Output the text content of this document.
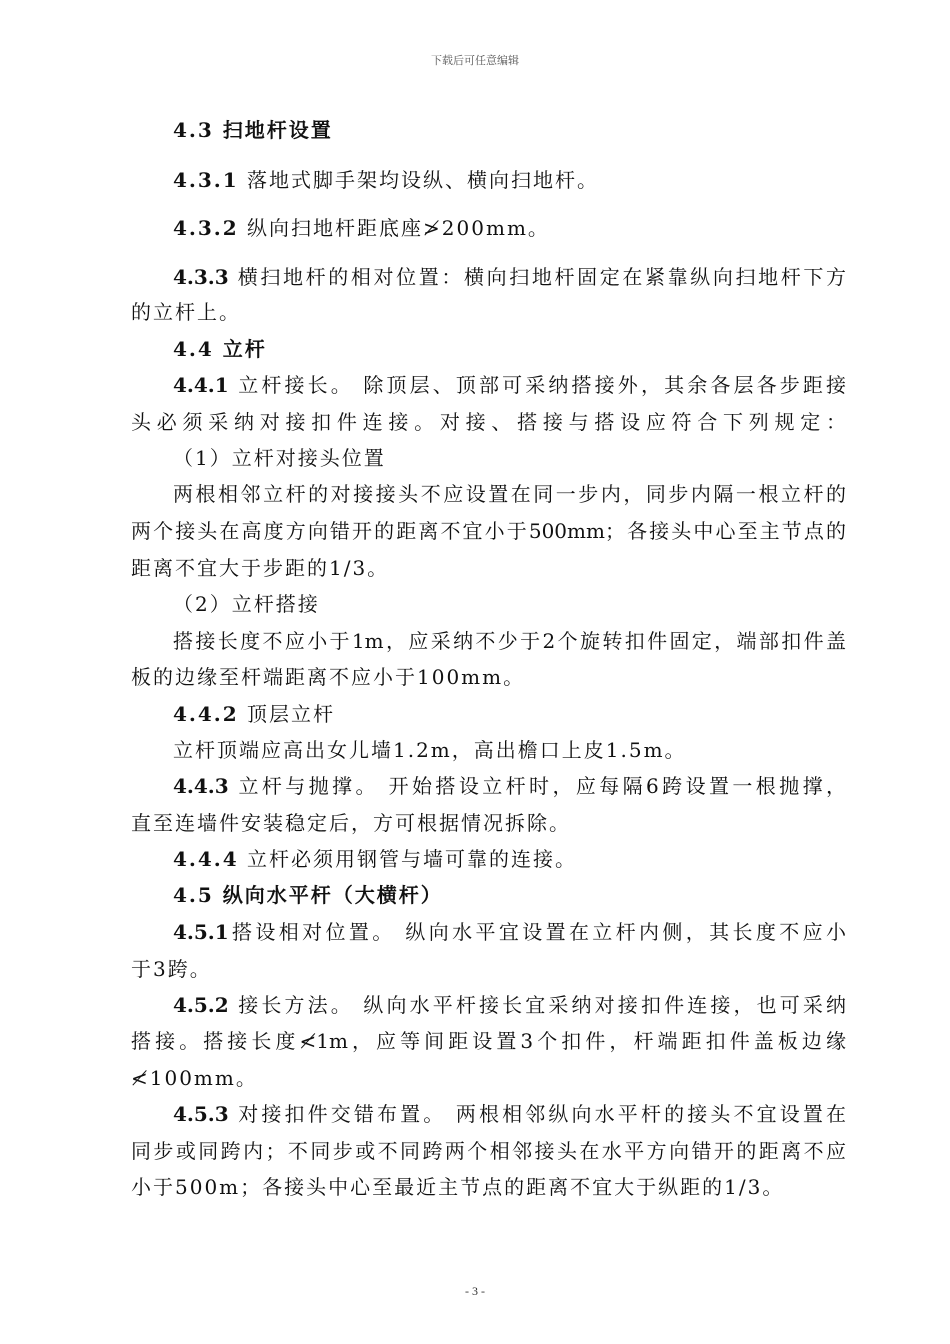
下载后可任意编辑
4.3 扫地杆设置
4.3.1 落地式脚手架均设纵、横向扫地杆。
4.3.2 纵向扫地杆距底座≯200mm。
4.3.3 横扫地杆的相对位置：横向扫地杆固定在紧靠纵向扫地杆下方
的立杆上。
4.4 立杆
4.4.1 立杆接长。 除顶层、顶部可采纳搭接外，其余各层各步距接
头必须采纳对接扣件连接。对接、搭接与搭设应符合下列规定：
（1）立杆对接头位置
两根相邻立杆的对接接头不应设置在同一步内，同步内隔一根立杆的
两个接头在高度方向错开的距离不宜小于500mm；各接头中心至主节点的
距离不宜大于步距的1/3。
（2）立杆搭接
搭接长度不应小于1m，应采纳不少于2个旋转扣件固定，端部扣件盖
板的边缘至杆端距离不应小于100mm。
4.4.2 顶层立杆
立杆顶端应高出女儿墙1.2m，高出檐口上皮1.5m。
4.4.3 立杆与抛撑。 开始搭设立杆时，应每隔6跨设置一根抛撑，
直至连墙件安装稳定后，方可根据情况拆除。
4.4.4 立杆必须用钢管与墙可靠的连接。
4.5 纵向水平杆（大横杆）
4.5.1搭设相对位置。 纵向水平宜设置在立杆内侧，其长度不应小
于3跨。
4.5.2 接长方法。 纵向水平杆接长宜采纳对接扣件连接，也可采纳
搭接。搭接长度≮1m，应等间距设置3个扣件，杆端距扣件盖板边缘
≮100mm。
4.5.3 对接扣件交错布置。 两根相邻纵向水平杆的接头不宜设置在
同步或同跨内；不同步或不同跨两个相邻接头在水平方向错开的距离不应
小于500m；各接头中心至最近主节点的距离不宜大于纵距的1/3。
- 3 -
